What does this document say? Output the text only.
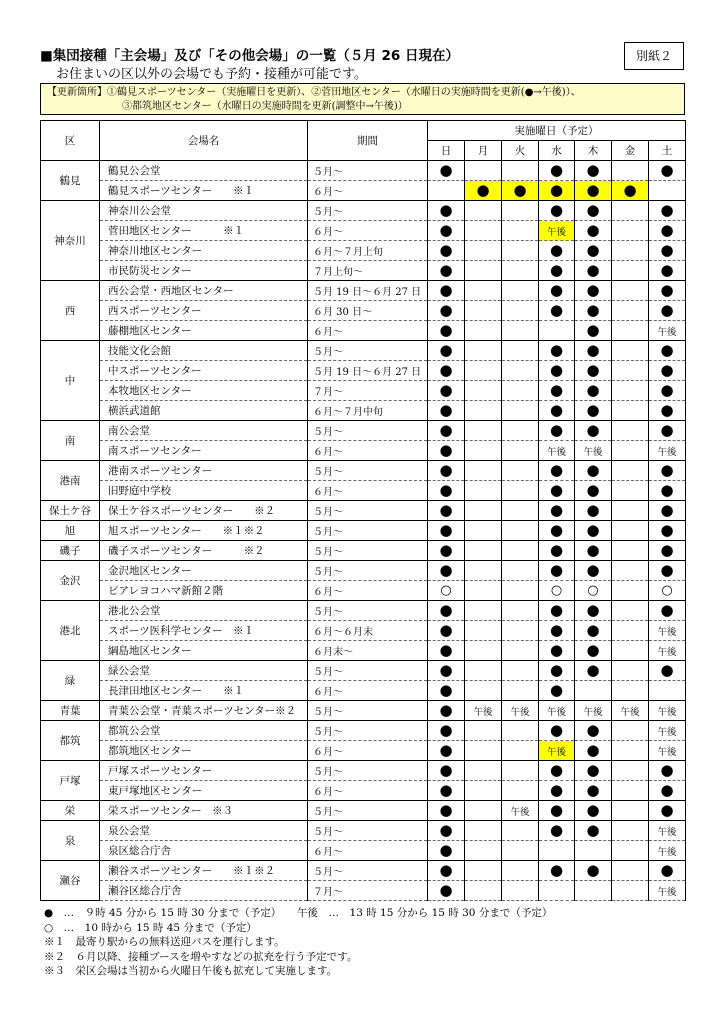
■集団接種「主会場」及び「その他会場」の一覧（５月 26 日現在）
お住まいの区以外の会場でも予約・接種が可能です。
別紙２
【更新箇所】①鶴見スポーツセンター（実施曜日を更新）、②菅田地区センター（水曜日の実施時間を更新(●→午後)）、
③都筑地区センター（水曜日の実施時間を更新(調整中→午後)）
区	会場名	期間	実施曜日（予定）						
			日	月	火	水	木	金	土
鶴見	鶴見公会堂	５月～	●			●	●		●
	鶴見スポーツセンター　　※１	６月～		●	●	●	●	●	
神奈川	神奈川公会堂	５月～	●			●	●		●
	菅田地区センター　　　※１	６月～	●			午後	●		●
	神奈川地区センター	６月～７月上旬	●			●	●		●
	市民防災センター	７月上旬～	●			●	●		●
西	西公会堂・西地区センター	５月 19 日～６月 27 日	●			●	●		●
	西スポーツセンター	６月 30 日～	●			●	●		●
	藤棚地区センター	６月～	●				●		午後
中	技能文化会館	５月～	●			●	●		●
	中スポーツセンター	５月 19 日～６月 27 日	●			●	●		●
	本牧地区センター	７月～	●			●	●		●
	横浜武道館	６月～７月中旬	●			●	●		●
南	南公会堂	５月～	●			●	●		●
	南スポーツセンター	６月～	●			午後	午後		午後
港南	港南スポーツセンター	５月～	●			●	●		●
	旧野庭中学校	６月～	●			●	●		●
保土ケ谷	保土ケ谷スポーツセンター　　※２	５月～	●			●	●		●
旭	旭スポーツセンター　　※１※２	５月～	●			●	●		●
磯子	磯子スポーツセンター　　　※２	５月～	●			●	●		●
金沢	金沢地区センター	５月～	●			●	●		●
	ビアレヨコハマ新館２階	６月～	○			○	○		○
港北	港北公会堂	５月～	●			●	●		●
	スポーツ医科学センター　※１	６月～６月末	●			●	●		午後
	綱島地区センター	６月末～	●			●	●		午後
緑	緑公会堂	５月～	●			●	●		●
	長津田地区センター　　※１	６月～	●			●			
青葉	青葉公会堂・青葉スポーツセンター※２	５月～	●	午後	午後	午後	午後	午後	午後
都筑	都筑公会堂	５月～	●			●	●		午後
	都筑地区センター	６月～	●			午後	●		午後
戸塚	戸塚スポーツセンター	５月～	●			●	●		●
	東戸塚地区センター	６月～	●			●	●		●
栄	栄スポーツセンター　※３	５月～	●		午後	●	●		●
泉	泉公会堂	５月～	●			●	●		午後
	泉区総合庁舎	６月～	●						午後
瀬谷	瀬谷スポーツセンター　　※１※２	５月～	●			●	●		●
	瀬谷区総合庁舎	７月～	●						午後
●　…　９時 45 分から 15 時 30 分まで（予定）　　午後　…　13 時 15 分から 15 時 30 分まで（予定）
○　…　10 時から 15 時 45 分まで（予定）
※１　最寄り駅からの無料送迎バスを運行します。
※２　６月以降、接種ブースを増やすなどの拡充を行う予定です。
※３　栄区会場は当初から火曜日午後も拡充して実施します。
